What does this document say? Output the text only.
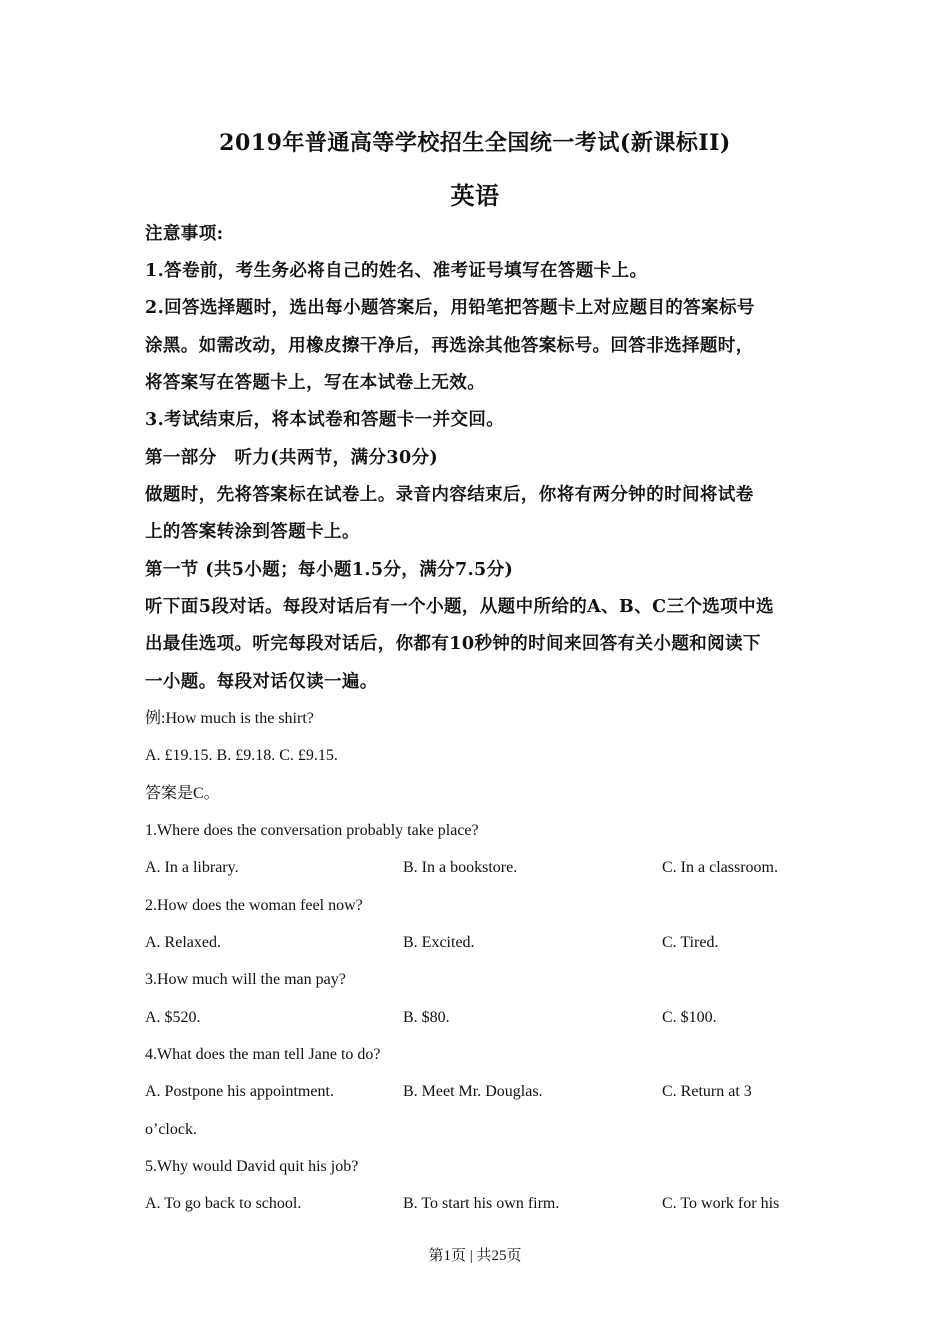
2019年普通高等学校招生全国统一考试(新课标II)
英语
注意事项:
1.答卷前，考生务必将自己的姓名、准考证号填写在答题卡上。
2.回答选择题时，选出每小题答案后，用铅笔把答题卡上对应题目的答案标号
涂黑。如需改动，用橡皮擦干净后，再选涂其他答案标号。回答非选择题时，
将答案写在答题卡上，写在本试卷上无效。
3.考试结束后，将本试卷和答题卡一并交回。
第一部分　听力(共两节，满分30分)
做题时，先将答案标在试卷上。录音内容结束后，你将有两分钟的时间将试卷
上的答案转涂到答题卡上。
第一节 (共5小题；每小题1.5分，满分7.5分)
听下面5段对话。每段对话后有一个小题，从题中所给的A、B、C三个选项中选
出最佳选项。听完每段对话后，你都有10秒钟的时间来回答有关小题和阅读下
一小题。每段对话仅读一遍。
例:How much is the shirt?
A. £19.15. B. £9.18. C. £9.15.
答案是C。
1.Where does the conversation probably take place?
A. In a library.	B. In a bookstore.	C. In a classroom.
2.How does the woman feel now?
A. Relaxed.	B. Excited.	C. Tired.
3.How much will the man pay?
A. $520.	B. $80.	C. $100.
4.What does the man tell Jane to do?
A. Postpone his appointment.	B. Meet Mr. Douglas.	C. Return at 3
o’clock.
5.Why would David quit his job?
A. To go back to school.	B. To start his own firm.	C. To work for his
第1页 | 共25页
